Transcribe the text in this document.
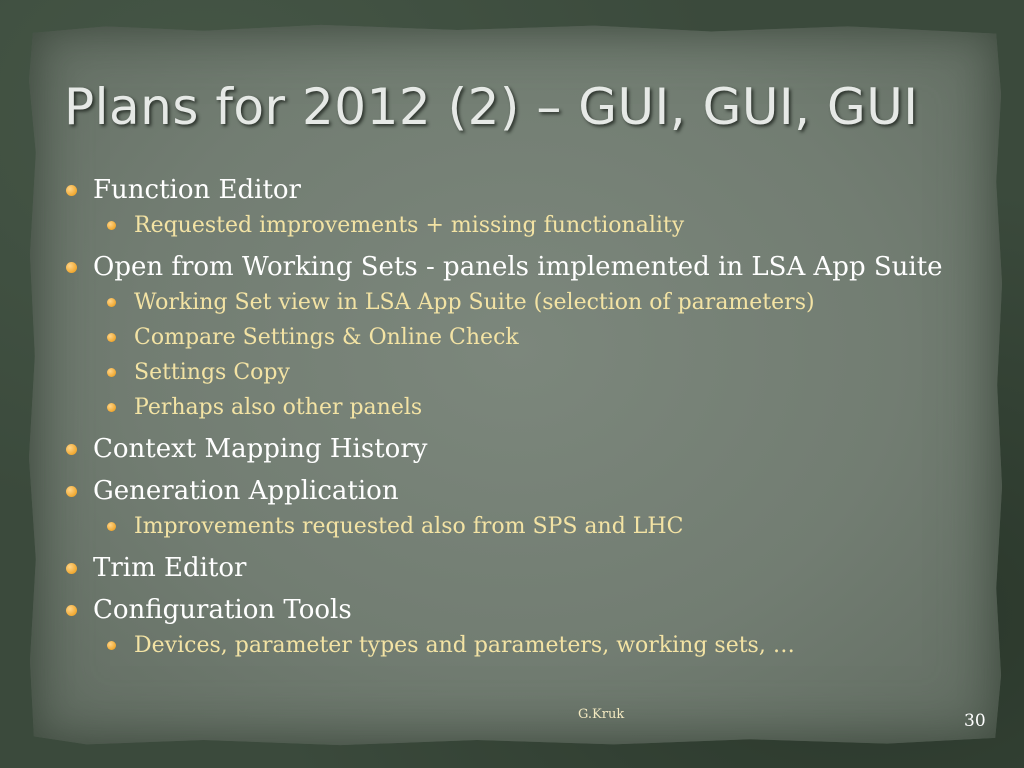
Plans for 2012 (2) – GUI, GUI, GUI
Function Editor
Requested improvements + missing functionality
Open from Working Sets - panels implemented in LSA App Suite
Working Set view in LSA App Suite (selection of parameters)
Compare Settings & Online Check
Settings Copy
Perhaps also other panels
Context Mapping History
Generation Application
Improvements requested also from SPS and LHC
Trim Editor
Configuration Tools
Devices, parameter types and parameters, working sets, …
G.Kruk	30
